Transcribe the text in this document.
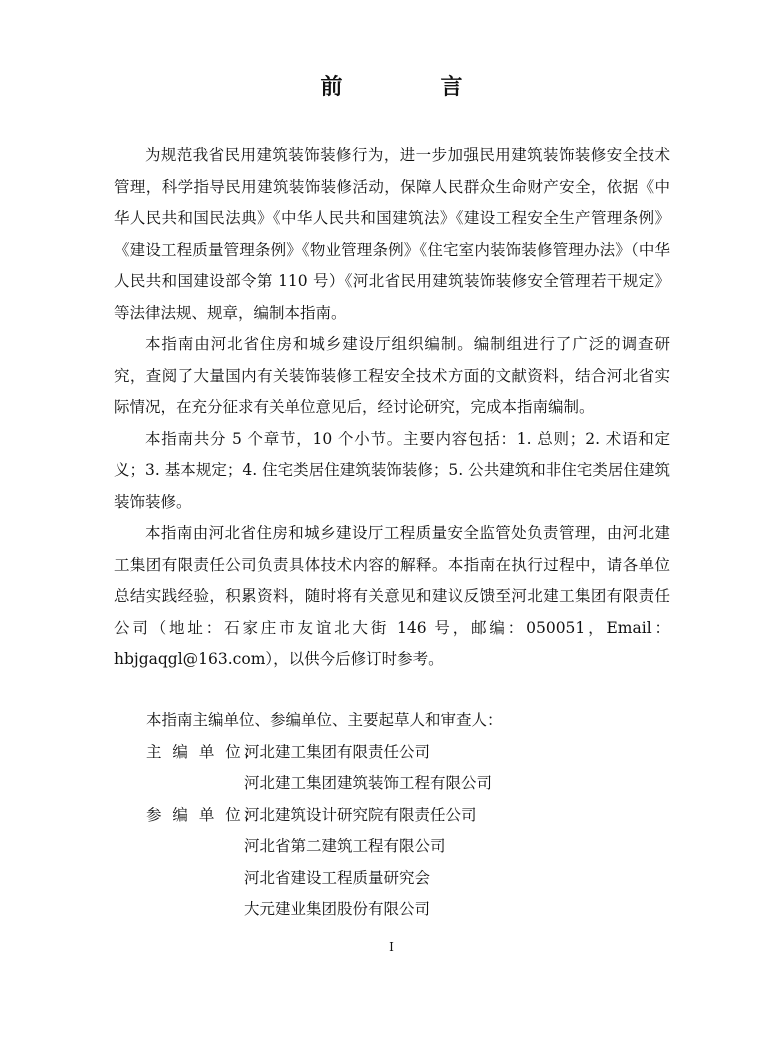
前　言

为规范我省民用建筑装饰装修行为，进一步加强民用建筑装饰装修安全技术管理，科学指导民用建筑装饰装修活动，保障人民群众生命财产安全，依据《中华人民共和国民法典》《中华人民共和国建筑法》《建设工程安全生产管理条例》《建设工程质量管理条例》《物业管理条例》《住宅室内装饰装修管理办法》（中华人民共和国建设部令第 110 号）《河北省民用建筑装饰装修安全管理若干规定》等法律法规、规章，编制本指南。

本指南由河北省住房和城乡建设厅组织编制。编制组进行了广泛的调查研究，查阅了大量国内有关装饰装修工程安全技术方面的文献资料，结合河北省实际情况，在充分征求有关单位意见后，经讨论研究，完成本指南编制。

本指南共分 5 个章节，10 个小节。主要内容包括：1. 总则；2. 术语和定义；3. 基本规定；4. 住宅类居住建筑装饰装修；5. 公共建筑和非住宅类居住建筑装饰装修。

本指南由河北省住房和城乡建设厅工程质量安全监管处负责管理，由河北建工集团有限责任公司负责具体技术内容的解释。本指南在执行过程中，请各单位总结实践经验，积累资料，随时将有关意见和建议反馈至河北建工集团有限责任公司（地址：石家庄市友谊北大街 146 号，邮编：050051，Email：hbjgaqgl@163.com），以供今后修订时参考。

本指南主编单位、参编单位、主要起草人和审查人：

主 编 单 位：
河北建工集团有限责任公司
河北建工集团建筑装饰工程有限公司
参 编 单 位：
河北建筑设计研究院有限责任公司
河北省第二建筑工程有限公司
河北省建设工程质量研究会
大元建业集团股份有限公司
I
